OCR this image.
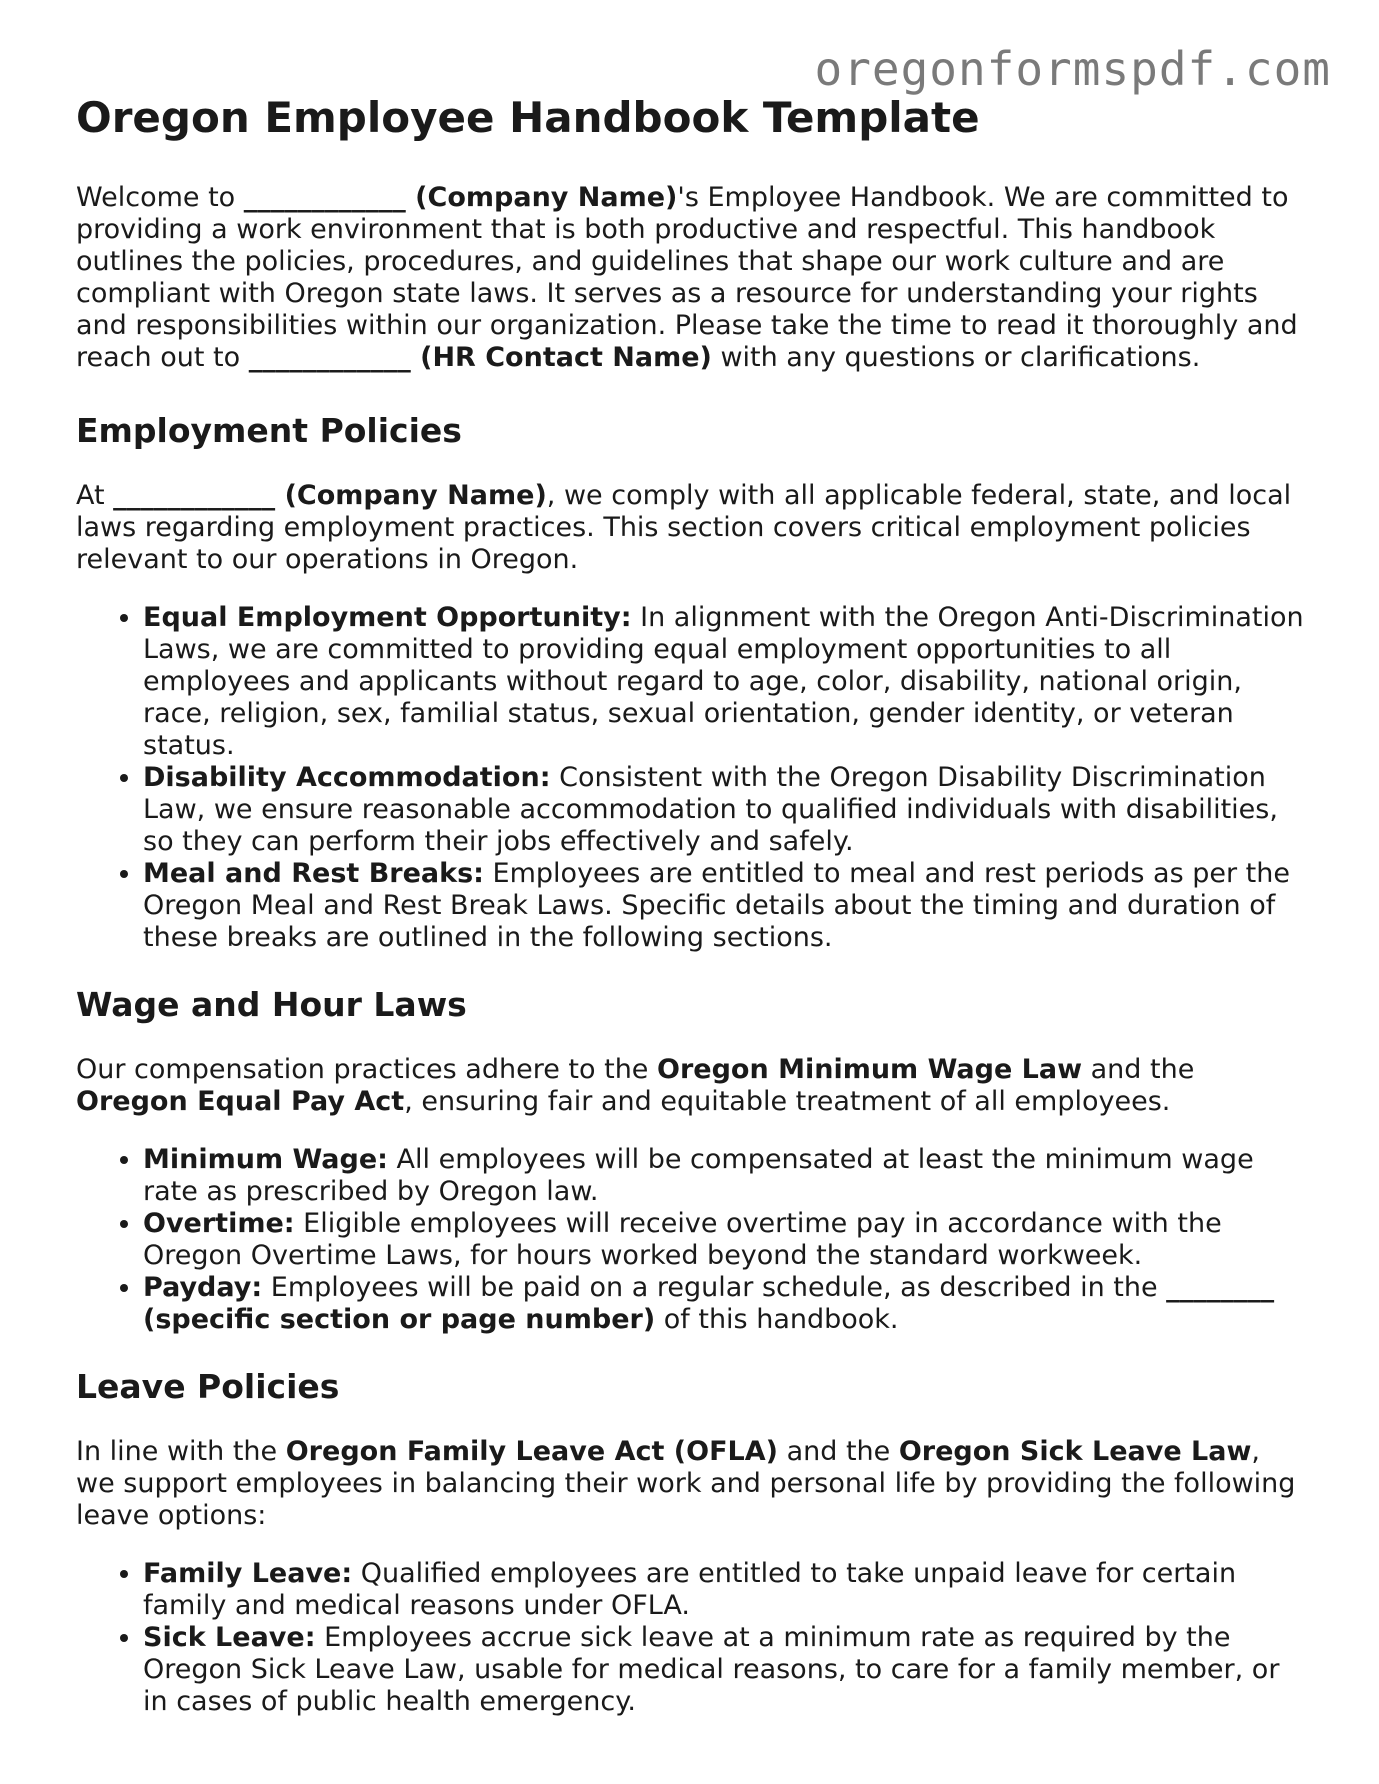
oregonformspdf.com
Oregon Employee Handbook Template

Welcome to ____________ (Company Name)'s Employee Handbook. We are committed to providing a work environment that is both productive and respectful. This handbook outlines the policies, procedures, and guidelines that shape our work culture and are compliant with Oregon state laws. It serves as a resource for understanding your rights and responsibilities within our organization. Please take the time to read it thoroughly and reach out to ____________ (HR Contact Name) with any questions or clarifications.

Employment Policies

At ____________ (Company Name), we comply with all applicable federal, state, and local laws regarding employment practices. This section covers critical employment policies relevant to our operations in Oregon.

• Equal Employment Opportunity: In alignment with the Oregon Anti-Discrimination Laws, we are committed to providing equal employment opportunities to all employees and applicants without regard to age, color, disability, national origin, race, religion, sex, familial status, sexual orientation, gender identity, or veteran status.
• Disability Accommodation: Consistent with the Oregon Disability Discrimination Law, we ensure reasonable accommodation to qualified individuals with disabilities, so they can perform their jobs effectively and safely.
• Meal and Rest Breaks: Employees are entitled to meal and rest periods as per the Oregon Meal and Rest Break Laws. Specific details about the timing and duration of these breaks are outlined in the following sections.
Wage and Hour Laws

Our compensation practices adhere to the Oregon Minimum Wage Law and the Oregon Equal Pay Act, ensuring fair and equitable treatment of all employees.

• Minimum Wage: All employees will be compensated at least the minimum wage rate as prescribed by Oregon law.
• Overtime: Eligible employees will receive overtime pay in accordance with the Oregon Overtime Laws, for hours worked beyond the standard workweek.
• Payday: Employees will be paid on a regular schedule, as described in the ________ (specific section or page number) of this handbook.
Leave Policies

In line with the Oregon Family Leave Act (OFLA) and the Oregon Sick Leave Law, we support employees in balancing their work and personal life by providing the following leave options:

• Family Leave: Qualified employees are entitled to take unpaid leave for certain family and medical reasons under OFLA.
• Sick Leave: Employees accrue sick leave at a minimum rate as required by the Oregon Sick Leave Law, usable for medical reasons, to care for a family member, or in cases of public health emergency.
